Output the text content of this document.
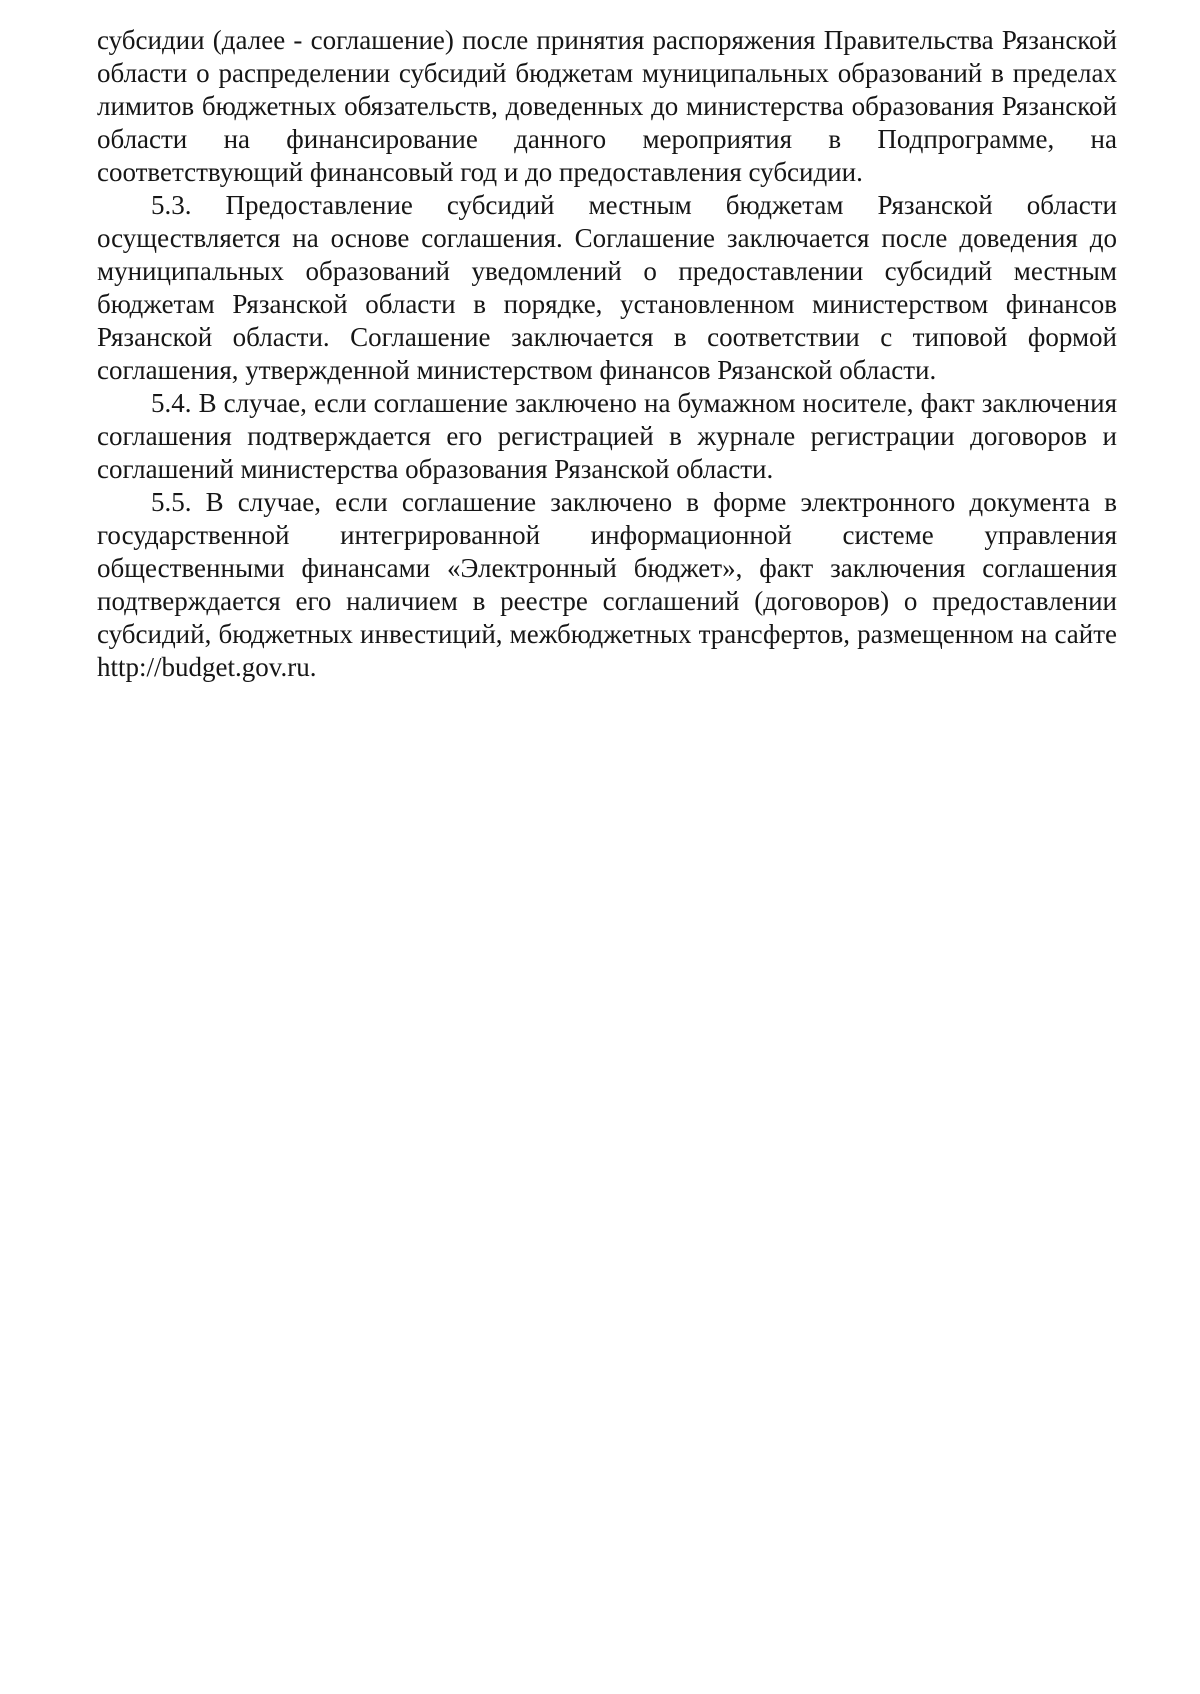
субсидии (далее - соглашение) после принятия распоряжения Правительства Рязанской области о распределении субсидий бюджетам муниципальных образований в пределах лимитов бюджетных обязательств, доведенных до министерства образования Рязанской области на финансирование данного мероприятия в Подпрограмме, на соответствующий финансовый год и до предоставления субсидии.

5.3. Предоставление субсидий местным бюджетам Рязанской области осуществляется на основе соглашения. Соглашение заключается после доведения до муниципальных образований уведомлений о предоставлении субсидий местным бюджетам Рязанской области в порядке, установленном министерством финансов Рязанской области. Соглашение заключается в соответствии с типовой формой соглашения, утвержденной министерством финансов Рязанской области.

5.4. В случае, если соглашение заключено на бумажном носителе, факт заключения соглашения подтверждается его регистрацией в журнале регистрации договоров и соглашений министерства образования Рязанской области.

5.5. В случае, если соглашение заключено в форме электронного документа в государственной интегрированной информационной системе управления общественными финансами «Электронный бюджет», факт заключения соглашения подтверждается его наличием в реестре соглашений (договоров) о предоставлении субсидий, бюджетных инвестиций, межбюджетных трансфертов, размещенном на сайте http://budget.gov.ru.
